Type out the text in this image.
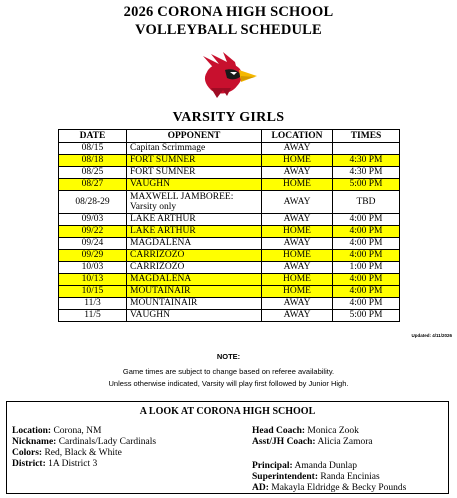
2026 CORONA HIGH SCHOOL
VOLLEYBALL SCHEDULE
VARSITY GIRLS
DATE	OPPONENT	LOCATION	TIMES
08/15	Capitan Scrimmage	AWAY	
08/18	FORT SUMNER	HOME	4:30 PM
08/25	FORT SUMNER	AWAY	4:30 PM
08/27	VAUGHN	HOME	5:00 PM
08/28-29	MAXWELL JAMBOREE: Varsity only	AWAY	TBD
09/03	LAKE ARTHUR	AWAY	4:00 PM
09/22	LAKE ARTHUR	HOME	4:00 PM
09/24	MAGDALENA	AWAY	4:00 PM
09/29	CARRIZOZO	HOME	4:00 PM
10/03	CARRIZOZO	AWAY	1:00 PM
10/13	MAGDALENA	HOME	4:00 PM
10/15	MOUTAINAIR	HOME	4:00 PM
11/3	MOUNTAINAIR	AWAY	4:00 PM
11/5	VAUGHN	AWAY	5:00 PM
Updated: 4/11/2026
NOTE:
Game times are subject to change based on referee availability.
Unless otherwise indicated, Varsity will play first followed by Junior High.
A LOOK AT CORONA HIGH SCHOOL
Location: Corona, NM
Nickname: Cardinals/Lady Cardinals
Colors: Red, Black & White
District: 1A District 3
Head Coach: Monica Zook
Asst/JH Coach: Alicia Zamora
Principal: Amanda Dunlap
Superintendent: Randa Encinias
AD: Makayla Eldridge & Becky Pounds
